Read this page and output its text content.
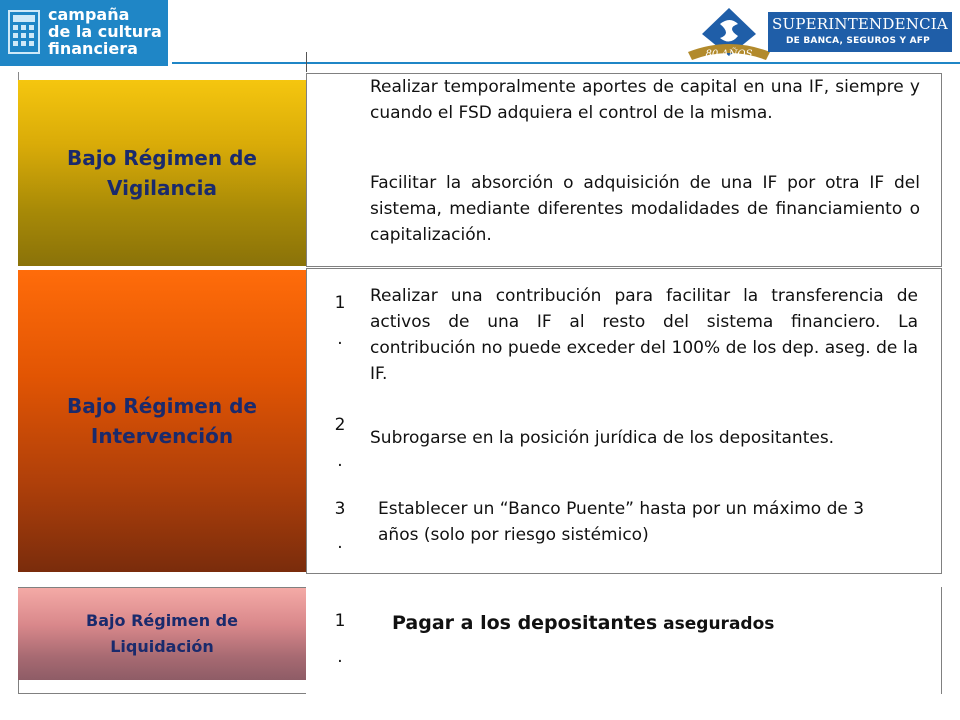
campaña
de la cultura
financiera	80 AÑOS
SUPERINTENDENCIA
DE BANCA, SEGUROS Y AFP
Bajo Régimen de
Vigilancia
Realizar temporalmente aportes de capital en una IF, siempre y cuando el FSD adquiera el control de la misma.
Facilitar la absorción o adquisición de una IF por otra IF del sistema, mediante diferentes modalidades de financiamiento o capitalización.
Bajo Régimen de
Intervención
1
.
Realizar una contribución para facilitar la transferencia de activos de una IF al resto del sistema financiero. La contribución no puede exceder del 100% de los dep. aseg. de la IF.
2
.
Subrogarse en la posición jurídica de los depositantes.
3
.
Establecer un “Banco Puente” hasta por un máximo de 3 años (solo por riesgo sistémico)
Bajo Régimen de
Liquidación
1
.
Pagar a los depositantes asegurados
